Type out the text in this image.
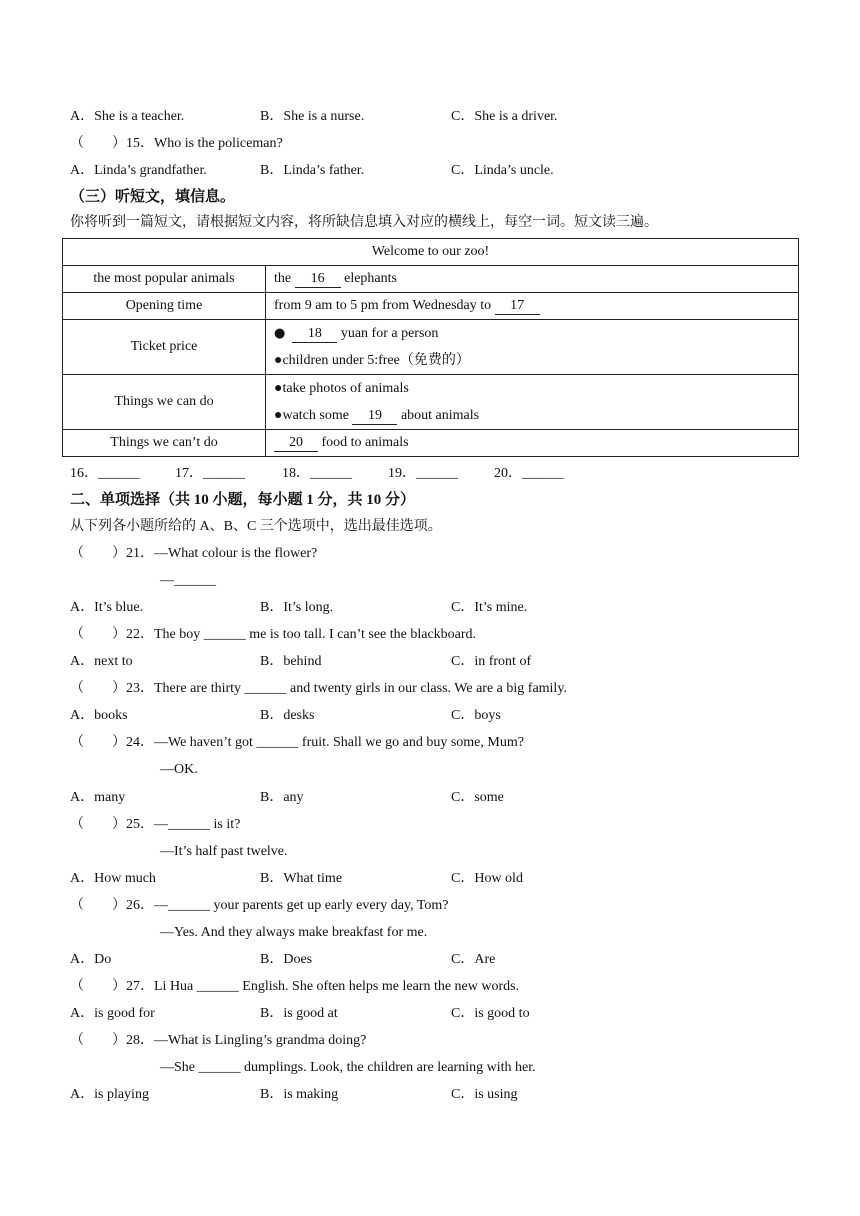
A．She is a teacher.	B．She is a nurse.	C．She is a driver.
（　　）15．Who is the policeman?
A．Linda’s grandfather.	B．Linda’s father.	C．Linda’s uncle.
（三）听短文，填信息。
你将听到一篇短文，请根据短文内容，将所缺信息填入对应的横线上，每空一词。短文读三遍。
Welcome to our zoo!	
the most popular animals	the 16 elephants
Opening time	from 9 am to 5 pm from Wednesday to 17
Ticket price	● 18 yuan for a person
●children under 5:free（免费的）

Things we can do	●take photos of animals
●watch some 19 about animals

Things we can’t do	20 food to animals
16．______	17．______	18．______	19．______	20．______
二、单项选择（共 10 小题，每小题 1 分，共 10 分）
从下列各小题所给的 A、B、C 三个选项中，选出最佳选项。
（　　）21．—What colour is the flower?
—______
A．It’s blue.	B．It’s long.	C．It’s mine.
（　　）22．The boy ______ me is too tall. I can’t see the blackboard.
A．next to	B．behind	C．in front of
（　　）23．There are thirty ______ and twenty girls in our class. We are a big family.
A．books	B．desks	C．boys
（　　）24．—We haven’t got ______ fruit. Shall we go and buy some, Mum?
—OK.
A．many	B．any	C．some
（　　）25．—______ is it?
—It’s half past twelve.
A．How much	B．What time	C．How old
（　　）26．—______ your parents get up early every day, Tom?
—Yes. And they always make breakfast for me.
A．Do	B．Does	C．Are
（　　）27．Li Hua ______ English. She often helps me learn the new words.
A．is good for	B．is good at	C．is good to
（　　）28．—What is Lingling’s grandma doing?
—She ______ dumplings. Look, the children are learning with her.
A．is playing	B．is making	C．is using
